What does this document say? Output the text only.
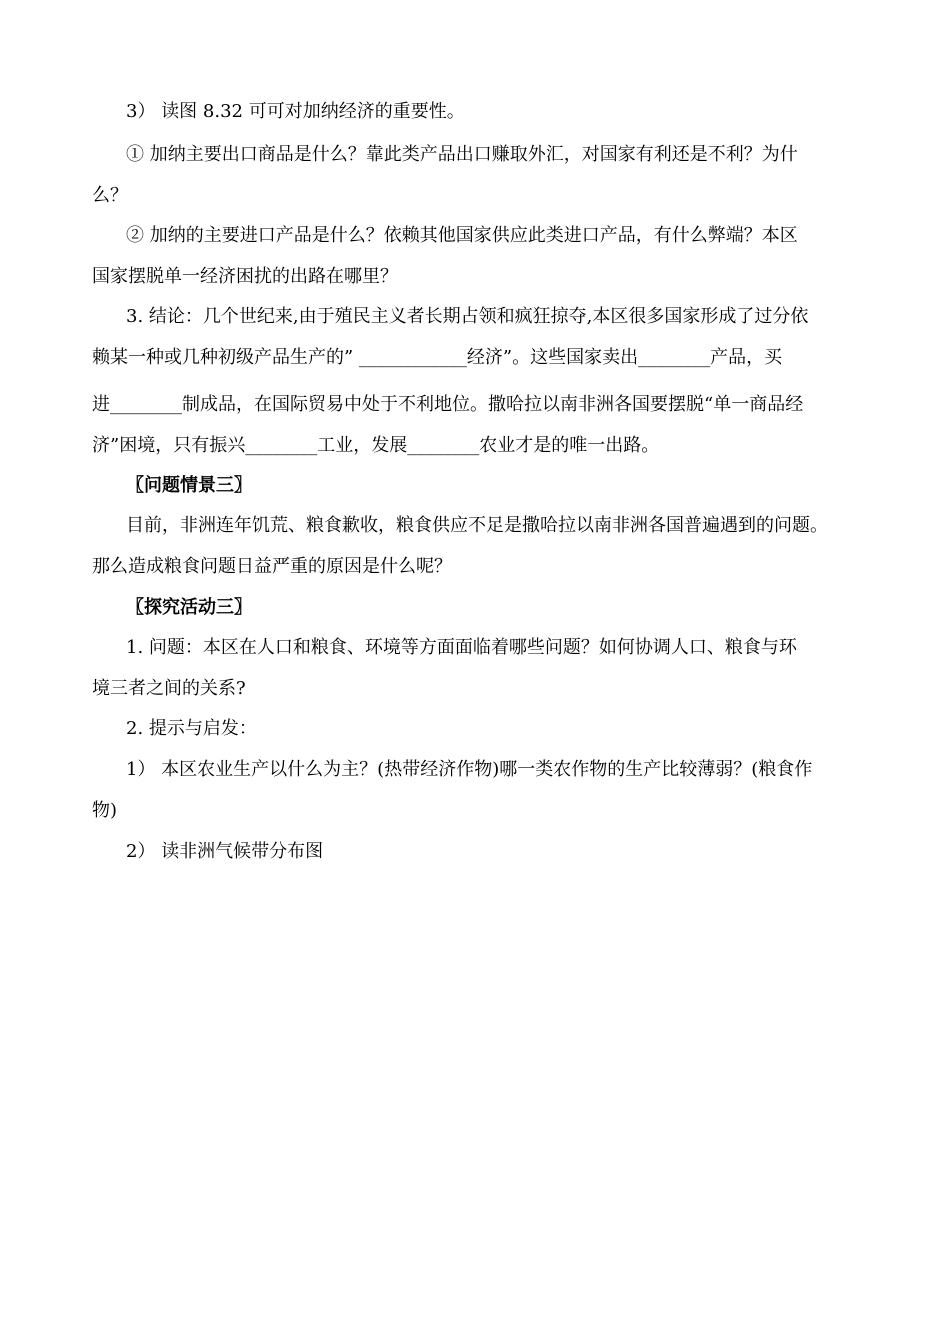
3） 读图 8.32 可可对加纳经济的重要性。
① 加纳主要出口商品是什么？靠此类产品出口赚取外汇，对国家有利还是不利？为什
么？
② 加纳的主要进口产品是什么？依赖其他国家供应此类进口产品，有什么弊端？本区
国家摆脱单一经济困扰的出路在哪里？
3. 结论：几个世纪来,由于殖民主义者长期占领和疯狂掠夺,本区很多国家形成了过分依
赖某一种或几种初级产品生产的” ____________经济”。这些国家卖出________产品，买
进________制成品，在国际贸易中处于不利地位。撒哈拉以南非洲各国要摆脱“单一商品经
济”困境，只有振兴________工业，发展________农业才是的唯一出路。
〖问题情景三〗
目前，非洲连年饥荒、粮食歉收，粮食供应不足是撒哈拉以南非洲各国普遍遇到的问题。
那么造成粮食问题日益严重的原因是什么呢？
〖探究活动三〗
1. 问题：本区在人口和粮食、环境等方面面临着哪些问题？如何协调人口、粮食与环
境三者之间的关系?
2. 提示与启发：
1） 本区农业生产以什么为主？(热带经济作物)哪一类农作物的生产比较薄弱？(粮食作
物)
2） 读非洲气候带分布图
